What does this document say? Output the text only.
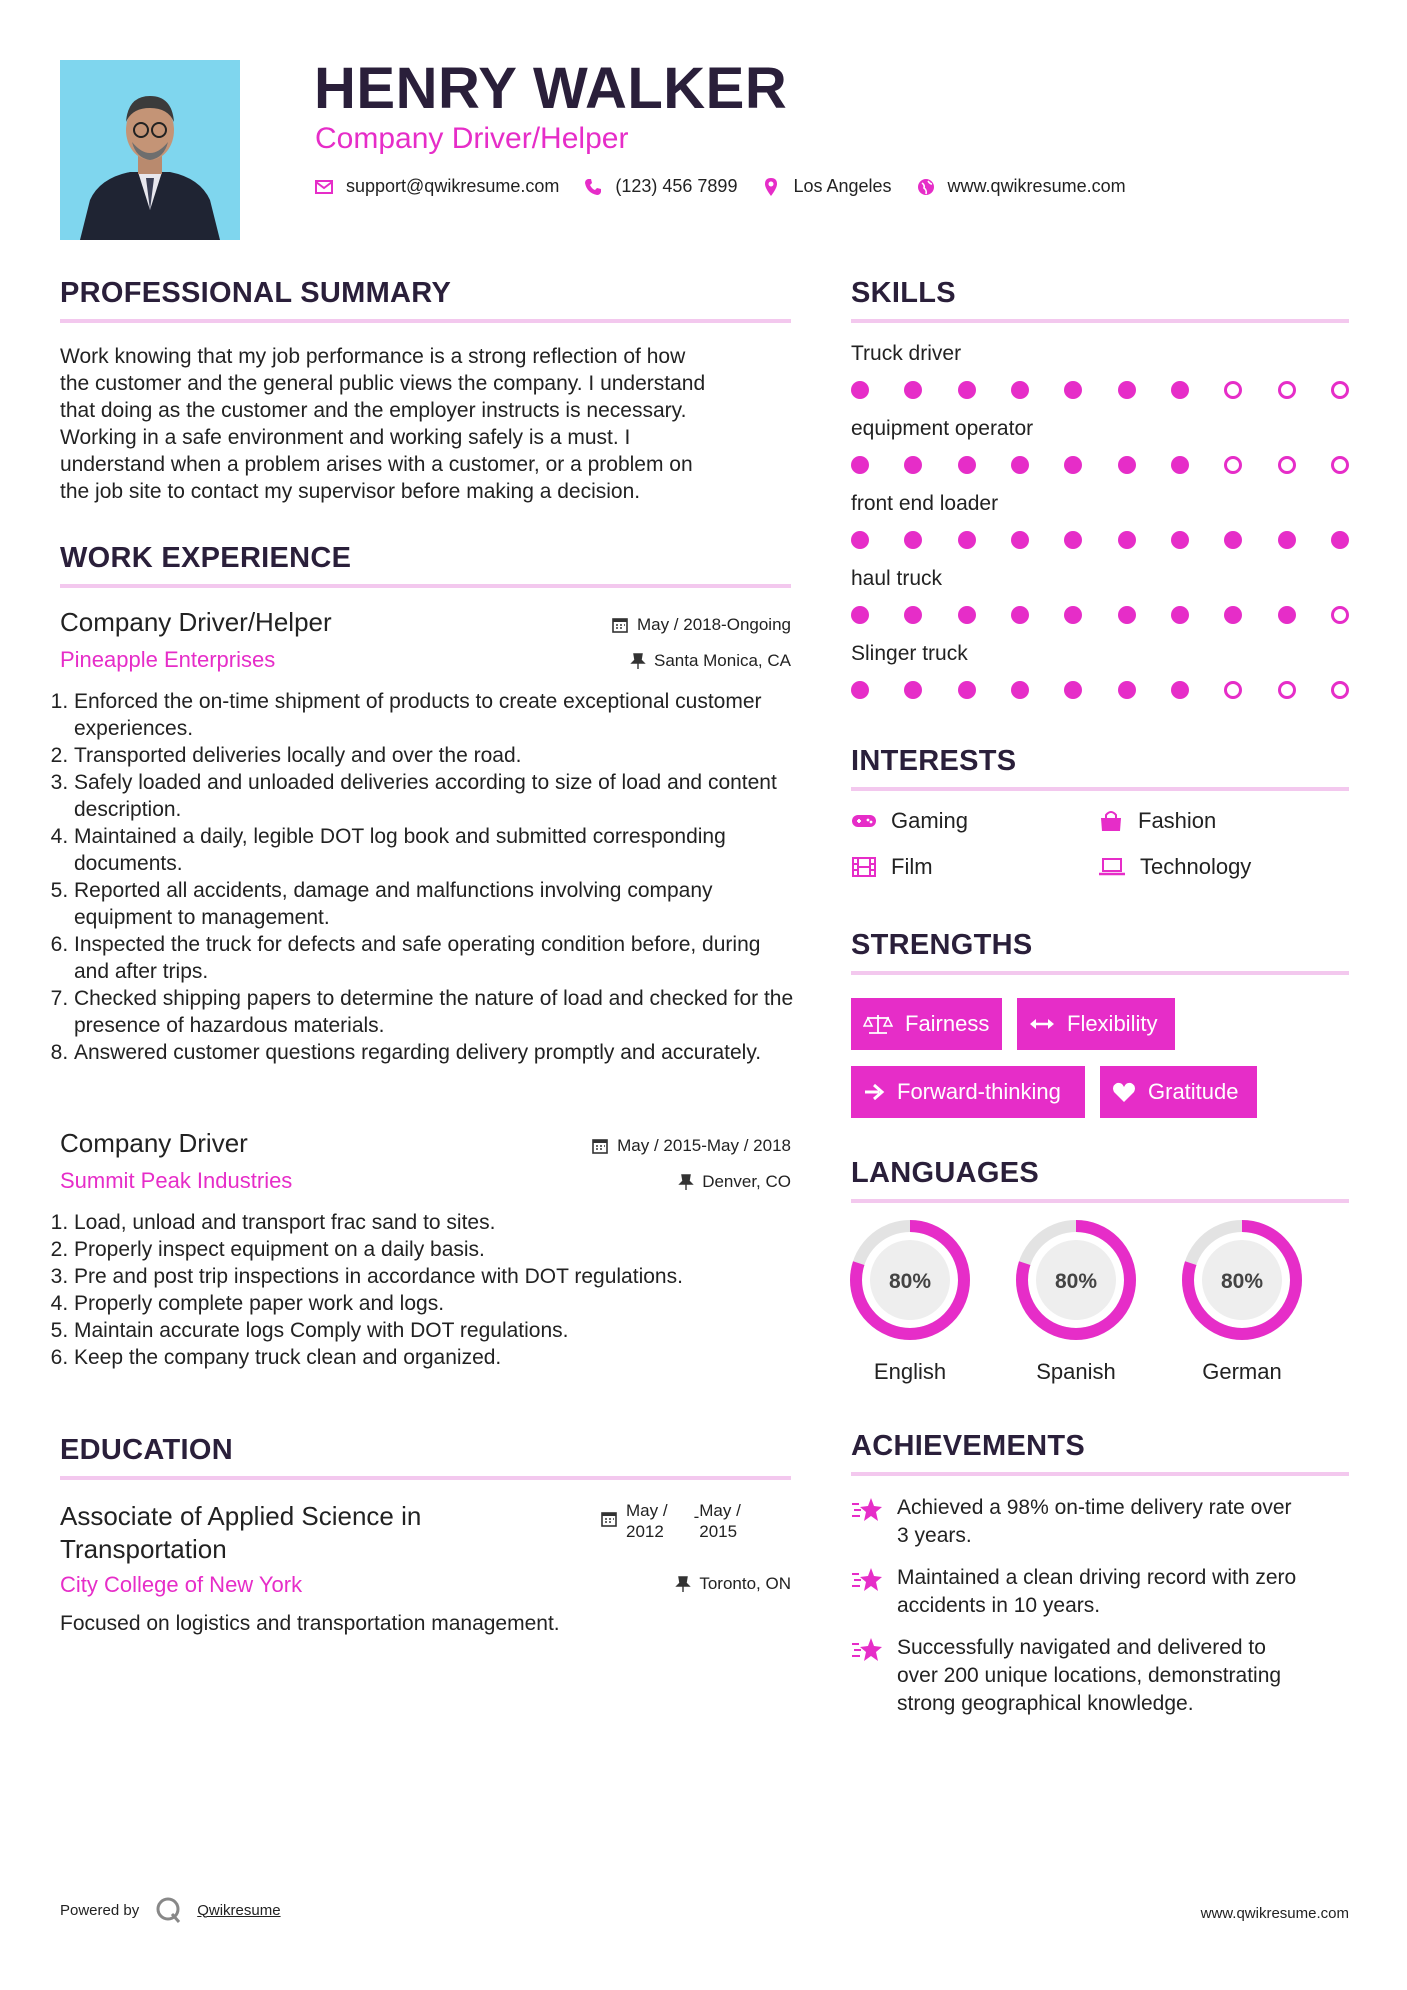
HENRY WALKER
Company Driver/Helper
support@qwikresume.com	(123) 456 7899	Los Angeles	www.qwikresume.com
PROFESSIONAL SUMMARY
Work knowing that my job performance is a strong reflection of how
the customer and the general public views the company. I understand
that doing as the customer and the employer instructs is necessary.
Working in a safe environment and working safely is a must. I
understand when a problem arises with a customer, or a problem on
the job site to contact my supervisor before making a decision.
WORK EXPERIENCE
Company Driver/Helper	May / 2018-Ongoing
Pineapple Enterprises	Santa Monica, CA
1. Enforced the on-time shipment of products to create exceptional customer experiences.
2. Transported deliveries locally and over the road.
3. Safely loaded and unloaded deliveries according to size of load and content description.
4. Maintained a daily, legible DOT log book and submitted corresponding documents.
5. Reported all accidents, damage and malfunctions involving company equipment to management.
6. Inspected the truck for defects and safe operating condition before, during and after trips.
7. Checked shipping papers to determine the nature of load and checked for the presence of hazardous materials.
8. Answered customer questions regarding delivery promptly and accurately.
Company Driver	May / 2015-May / 2018
Summit Peak Industries	Denver, CO
1. Load, unload and transport frac sand to sites.
2. Properly inspect equipment on a daily basis.
3. Pre and post trip inspections in accordance with DOT regulations.
4. Properly complete paper work and logs.
5. Maintain accurate logs Comply with DOT regulations.
6. Keep the company truck clean and organized.
EDUCATION
Associate of Applied Science in
Transportation
May /
2012
- May /
2015
City College of New York	Toronto, ON
Focused on logistics and transportation management.
SKILLS
Truck driver
equipment operator
front end loader
haul truck
Slinger truck
INTERESTS
Gaming	Fashion
Film	Technology
STRENGTHS
Fairness	Flexibility
Forward-thinking	Gratitude
LANGUAGES
80%
English
80%
Spanish
80%
German
ACHIEVEMENTS
Achieved a 98% on-time delivery rate over
3 years.
Maintained a clean driving record with zero
accidents in 10 years.
Successfully navigated and delivered to
over 200 unique locations, demonstrating
strong geographical knowledge.
Powered by	Qwikresume	www.qwikresume.com
